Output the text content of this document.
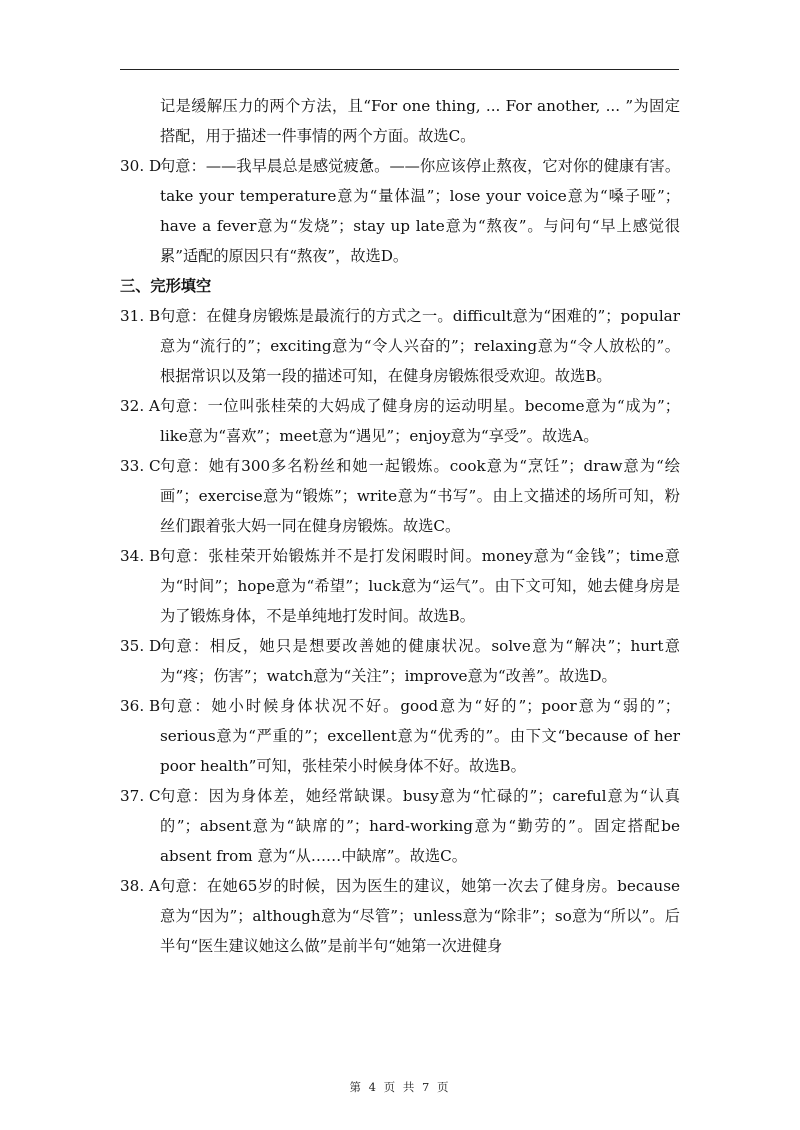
记是缓解压力的两个方法，且“For one thing, ... For another, ... ”为固定搭配，用于描述一件事情的两个方面。故选C。

30. D
句意：——我早晨总是感觉疲惫。——你应该停止熬夜，它对你的健康有害。take your temperature意为“量体温”；lose your voice意为“嗓子哑”；have a fever意为“发烧”；stay up late意为“熬夜”。与问句“早上感觉很累”适配的原因只有“熬夜”，故选D。
三、完形填空
31. B 句意：在健身房锻炼是最流行的方式之一。difficult意为“困难的”；popular意为“流行的”；exciting意为“令人兴奋的”；relaxing意为“令人放松的”。根据常识以及第一段的描述可知，在健身房锻炼很受欢迎。故选B。
32. A 句意：一位叫张桂荣的大妈成了健身房的运动明星。become意为“成为”；like意为“喜欢”；meet意为“遇见”；enjoy意为“享受”。故选A。
33. C 句意：她有300多名粉丝和她一起锻炼。cook意为“烹饪”；draw意为“绘画”；exercise意为“锻炼”；write意为“书写”。由上文描述的场所可知，粉丝们跟着张大妈一同在健身房锻炼。故选C。
34. B 句意：张桂荣开始锻炼并不是打发闲暇时间。money意为“金钱”；time意为“时间”；hope意为“希望”；luck意为“运气”。由下文可知，她去健身房是为了锻炼身体，不是单纯地打发时间。故选B。
35. D
句意：相反，她只是想要改善她的健康状况。solve意为“解决”；hurt意为“疼；伤害”；watch意为“关注”；improve意为“改善”。故选D。
36. B 句意：她小时候身体状况不好。good意为“好的”；poor意为“弱的”；serious意为“严重的”；excellent意为“优秀的”。由下文“because of her poor health”可知，张桂荣小时候身体不好。故选B。
37. C 句意：因为身体差，她经常缺课。busy意为“忙碌的”；careful意为“认真的”；absent意为“缺席的”；hard-working意为“勤劳的”。固定搭配be absent from 意为“从……中缺席”。故选C。
38. A 句意：在她65岁的时候，因为医生的建议，她第一次去了健身房。because意为“因为”；although意为“尽管”；unless意为“除非”；so意为“所以”。后半句“医生建议她这么做”是前半句“她第一次进健身
第 4 页 共 7 页
